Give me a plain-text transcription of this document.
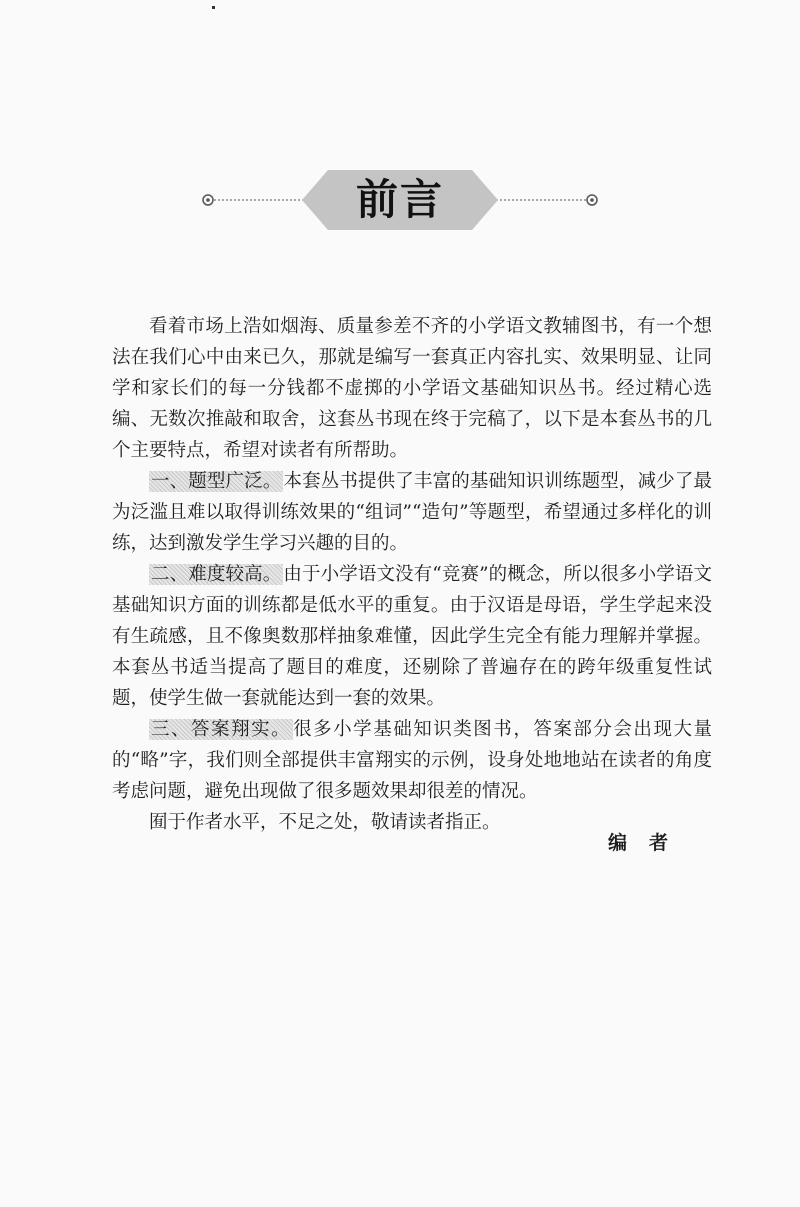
前言

看着市场上浩如烟海、质量参差不齐的小学语文教辅图书，有一个想法在我们心中由来已久，那就是编写一套真正内容扎实、效果明显、让同学和家长们的每一分钱都不虚掷的小学语文基础知识丛书。经过精心选编、无数次推敲和取舍，这套丛书现在终于完稿了，以下是本套丛书的几个主要特点，希望对读者有所帮助。

一、题型广泛。 本套丛书提供了丰富的基础知识训练题型，减少了最为泛滥且难以取得训练效果的“组词”“造句”等题型，希望通过多样化的训练，达到激发学生学习兴趣的目的。

二、难度较高。 由于小学语文没有“竞赛”的概念，所以很多小学语文基础知识方面的训练都是低水平的重复。由于汉语是母语，学生学起来没有生疏感，且不像奥数那样抽象难懂，因此学生完全有能力理解并掌握。本套丛书适当提高了题目的难度，还剔除了普遍存在的跨年级重复性试题，使学生做一套就能达到一套的效果。

三、答案翔实。 很多小学基础知识类图书，答案部分会出现大量的“略”字，我们则全部提供丰富翔实的示例，设身处地地站在读者的角度考虑问题，避免出现做了很多题效果却很差的情况。

囿于作者水平，不足之处，敬请读者指正。

编者
